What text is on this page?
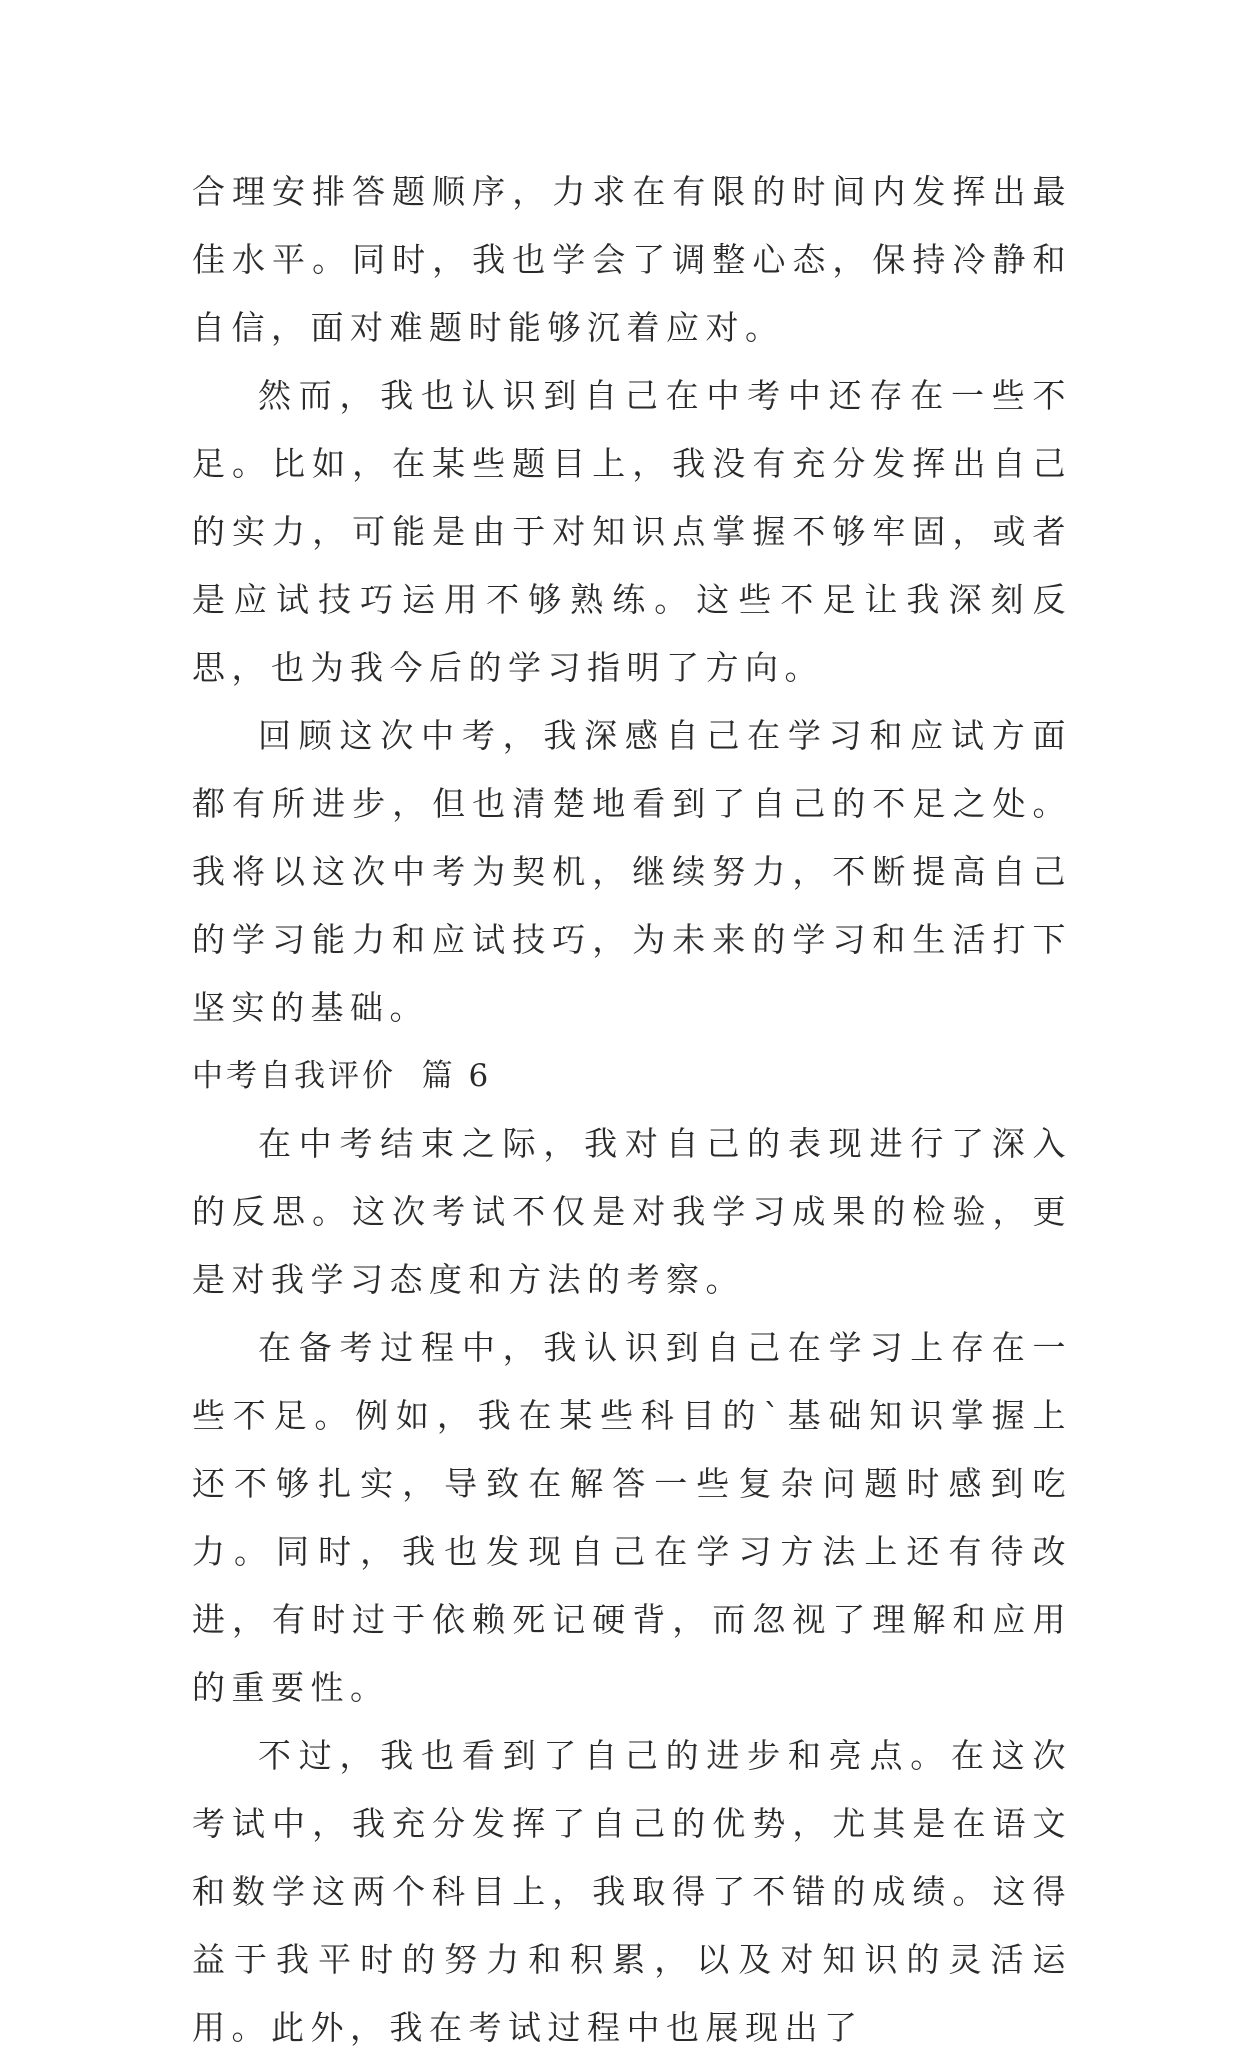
合理安排答题顺序，力求在有限的时间内发挥出最佳水平。同时，我也学会了调整心态，保持冷静和自信，面对难题时能够沉着应对。

然而，我也认识到自己在中考中还存在一些不足。比如，在某些题目上，我没有充分发挥出自己的实力，可能是由于对知识点掌握不够牢固，或者是应试技巧运用不够熟练。这些不足让我深刻反思，也为我今后的学习指明了方向。

回顾这次中考，我深感自己在学习和应试方面都有所进步，但也清楚地看到了自己的不足之处。我将以这次中考为契机，继续努力，不断提高自己的学习能力和应试技巧，为未来的学习和生活打下坚实的基础。

中考自我评价  篇 6

在中考结束之际，我对自己的表现进行了深入的反思。这次考试不仅是对我学习成果的检验，更是对我学习态度和方法的考察。

在备考过程中，我认识到自己在学习上存在一些不足。例如，我在某些科目的`基础知识掌握上还不够扎实，导致在解答一些复杂问题时感到吃力。同时，我也发现自己在学习方法上还有待改进，有时过于依赖死记硬背，而忽视了理解和应用的重要性。

不过，我也看到了自己的进步和亮点。在这次考试中，我充分发挥了自己的优势，尤其是在语文和数学这两个科目上，我取得了不错的成绩。这得益于我平时的努力和积累，以及对知识的灵活运用。此外，我在考试过程中也展现出了
